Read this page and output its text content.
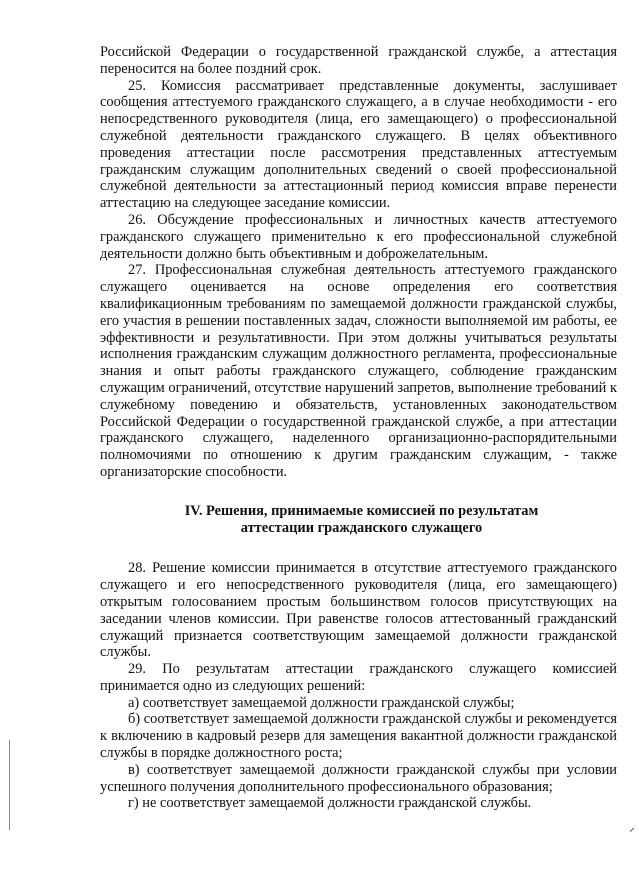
Российской Федерации о государственной гражданской службе, а аттестация переносится на более поздний срок.

25. Комиссия рассматривает представленные документы, заслушивает сообщения аттестуемого гражданского служащего, а в случае необходимости - его непосредственного руководителя (лица, его замещающего) о профессиональной служебной деятельности гражданского служащего. В целях объективного проведения аттестации после рассмотрения представленных аттестуемым гражданским служащим дополнительных сведений о своей профессиональной служебной деятельности за аттестационный период комиссия вправе перенести аттестацию на следующее заседание комиссии.

26. Обсуждение профессиональных и личностных качеств аттестуемого гражданского служащего применительно к его профессиональной служебной деятельности должно быть объективным и доброжелательным.

27. Профессиональная служебная деятельность аттестуемого гражданского служащего оценивается на основе определения его соответствия квалификационным требованиям по замещаемой должности гражданской службы, его участия в решении поставленных задач, сложности выполняемой им работы, ее эффективности и результативности. При этом должны учитываться результаты исполнения гражданским служащим должностного регламента, профессиональные знания и опыт работы гражданского служащего, соблюдение гражданским служащим ограничений, отсутствие нарушений запретов, выполнение требований к служебному поведению и обязательств, установленных законодательством Российской Федерации о государственной гражданской службе, а при аттестации гражданского служащего, наделенного организационно-распорядительными полномочиями по отношению к другим гражданским служащим, - также организаторские способности.

IV. Решения, принимаемые комиссией по результатам

аттестации гражданского служащего

28. Решение комиссии принимается в отсутствие аттестуемого гражданского служащего и его непосредственного руководителя (лица, его замещающего) открытым голосованием простым большинством голосов присутствующих на заседании членов комиссии. При равенстве голосов аттестованный гражданский служащий признается соответствующим замещаемой должности гражданской службы.

29. По результатам аттестации гражданского служащего комиссией принимается одно из следующих решений:

а) соответствует замещаемой должности гражданской службы;

б) соответствует замещаемой должности гражданской службы и рекомендуется к включению в кадровый резерв для замещения вакантной должности гражданской службы в порядке должностного роста;

в) соответствует замещаемой должности гражданской службы при условии успешного получения дополнительного профессионального образования;

г) не соответствует замещаемой должности гражданской службы.
